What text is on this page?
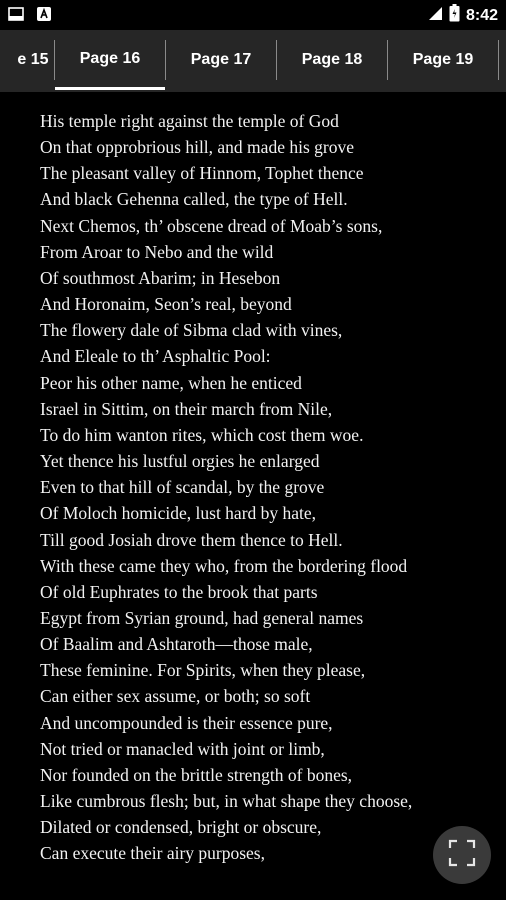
8:42
e 15	Page 16	Page 17	Page 18	Page 19
His temple right against the temple of God
On that opprobrious hill, and made his grove
The pleasant valley of Hinnom, Tophet thence
And black Gehenna called, the type of Hell.
Next Chemos, th’ obscene dread of Moab’s sons,
From Aroar to Nebo and the wild
Of southmost Abarim; in Hesebon
And Horonaim, Seon’s real, beyond
The flowery dale of Sibma clad with vines,
And Eleale to th’ Asphaltic Pool:
Peor his other name, when he enticed
Israel in Sittim, on their march from Nile,
To do him wanton rites, which cost them woe.
Yet thence his lustful orgies he enlarged
Even to that hill of scandal, by the grove
Of Moloch homicide, lust hard by hate,
Till good Josiah drove them thence to Hell.
With these came they who, from the bordering flood
Of old Euphrates to the brook that parts
Egypt from Syrian ground, had general names
Of Baalim and Ashtaroth—those male,
These feminine. For Spirits, when they please,
Can either sex assume, or both; so soft
And uncompounded is their essence pure,
Not tried or manacled with joint or limb,
Nor founded on the brittle strength of bones,
Like cumbrous flesh; but, in what shape they choose,
Dilated or condensed, bright or obscure,
Can execute their airy purposes,
